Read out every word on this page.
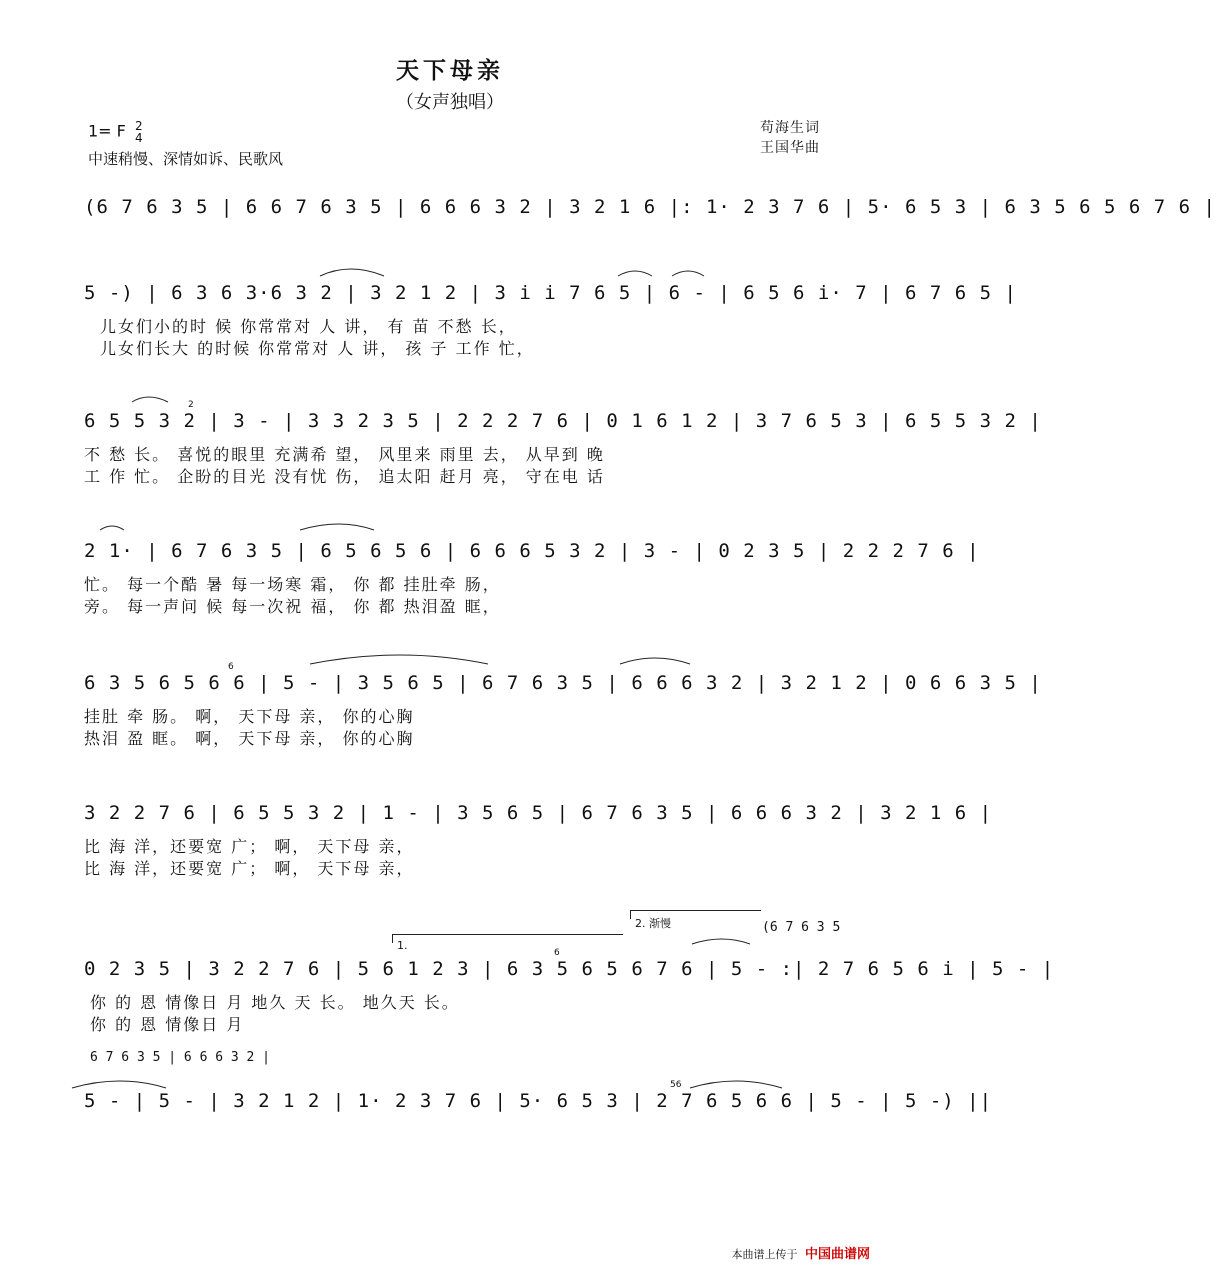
天下母亲
（女声独唱）
1= F 2
4
中速稍慢、深情如诉、民歌风
苟海生词
王国华曲
(6 7 6 3 5 | 6 6 7 6 3 5 | 6 6 6 3 2 | 3 2 1 6 |: 1· 2 3 7 6 | 5· 6 5 3 | 6 3 5 6 5 6 7 6 |
5 -) | 6 3 6 3·6 3 2 | 3 2 1 2 | 3 i i 7 6 5 | 6 - | 6 5 6 i· 7 | 6 7 6 5 |
儿女们小的时 候 你常常对 人 讲， 有 苗 不愁 长，
儿女们长大 的时候 你常常对 人 讲， 孩 子 工作 忙，
2
6 5 5 3 2 | 3 - | 3 3 2 3 5 | 2 2 2 7 6 | 0 1 6 1 2 | 3 7 6 5 3 | 6 5 5 3 2 |
不 愁 长。 喜悦的眼里 充满希 望， 风里来 雨里 去， 从早到 晚
工 作 忙。 企盼的目光 没有忧 伤， 追太阳 赶月 亮， 守在电 话
2 1· | 6 7 6 3 5 | 6 5 6 5 6 | 6 6 6 5 3 2 | 3 - | 0 2 3 5 | 2 2 2 7 6 |
忙。 每一个酷 暑 每一场寒 霜， 你 都 挂肚牵 肠，
旁。 每一声问 候 每一次祝 福， 你 都 热泪盈 眶，
6
6 3 5 6 5 6 6 | 5 - | 3 5 6 5 | 6 7 6 3 5 | 6 6 6 3 2 | 3 2 1 2 | 0 6 6 3 5 |
挂肚 牵 肠。 啊， 天下母 亲， 你的心胸
热泪 盈 眶。 啊， 天下母 亲， 你的心胸
3 2 2 7 6 | 6 5 5 3 2 | 1 - | 3 5 6 5 | 6 7 6 3 5 | 6 6 6 3 2 | 3 2 1 6 |
比 海 洋，还要宽 广； 啊， 天下母 亲，
比 海 洋，还要宽 广； 啊， 天下母 亲，
1.
2. 渐慢	(6 7 6 3 5
6
0 2 3 5 | 3 2 2 7 6 | 5 6 1 2 3 | 6 3 5 6 5 6 7 6 | 5 - :| 2 7 6 5 6 i | 5 - |
你 的 恩 情像日 月 地久 天 长。 地久天 长。
你 的 恩 情像日 月
6 7 6 3 5 | 6 6 6 3 2 |
56
5 - | 5 - | 3 2 1 2 | 1· 2 3 7 6 | 5· 6 5 3 | 2 7 6 5 6 6 | 5 - | 5 -) ||
本曲谱上传于 中国曲谱网
